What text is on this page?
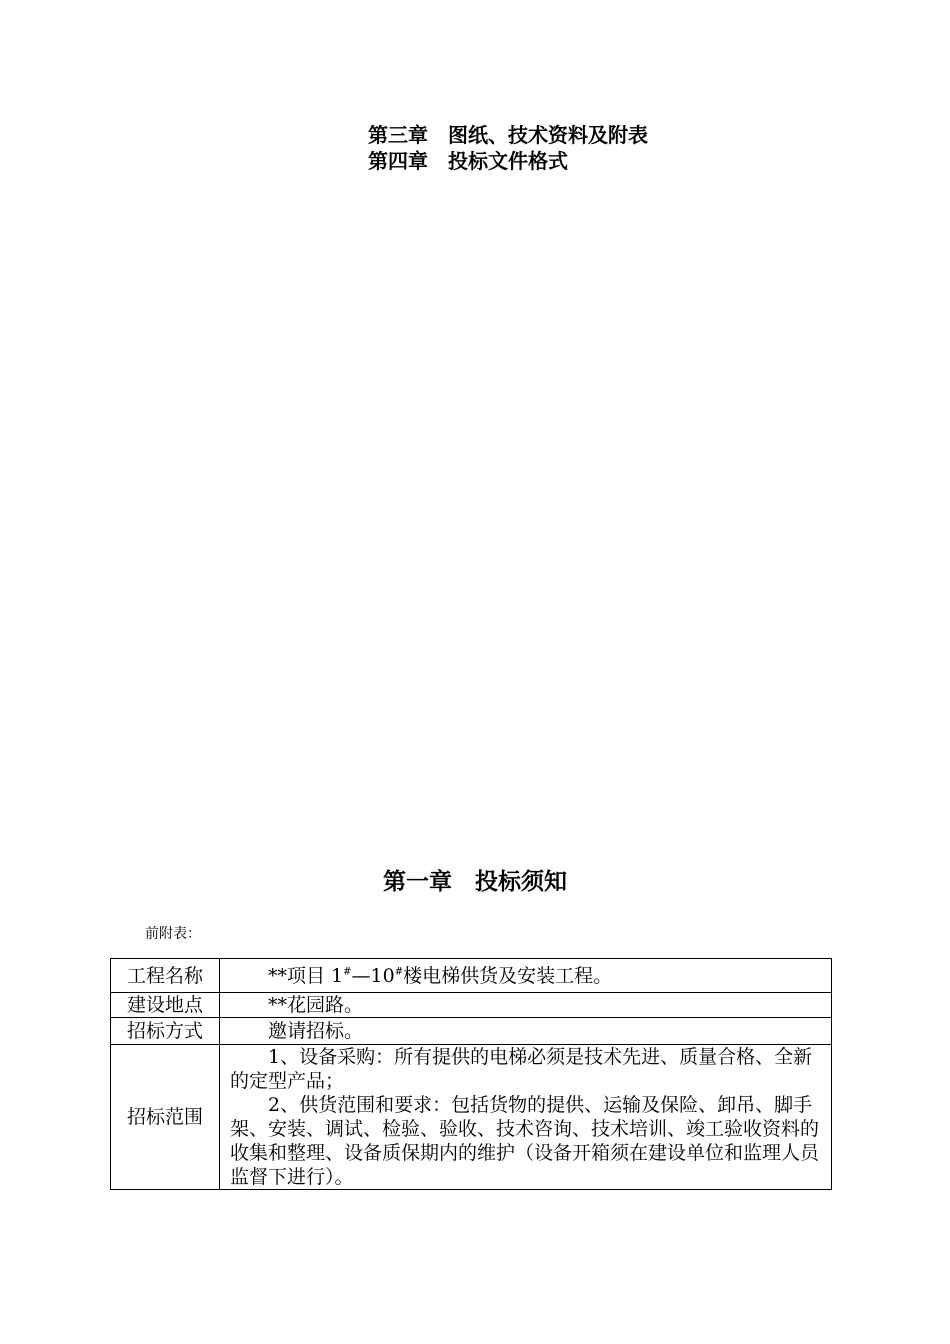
第三章　图纸、技术资料及附表
第四章　投标文件格式
第一章　投标须知
前附表：
工程名称	**项目 1#—10#楼电梯供货及安装工程。

建设地点	**花园路。

招标方式	邀请招标。

招标范围	1、设备采购：所有提供的电梯必须是技术先进、质量合格、全新的定型产品；
2、供货范围和要求：包括货物的提供、运输及保险、卸吊、脚手架、安装、调试、检验、验收、技术咨询、技术培训、竣工验收资料的收集和整理、设备质保期内的维护（设备开箱须在建设单位和监理人员监督下进行）。
